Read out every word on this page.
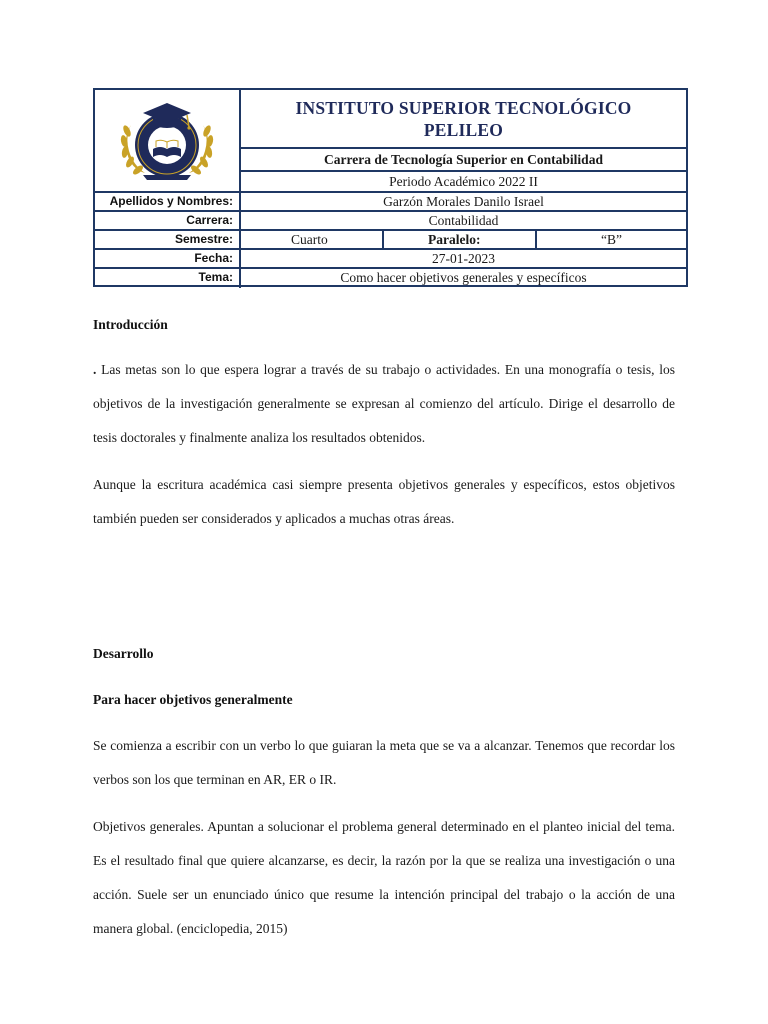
INSTITUTO SUPERIOR TECNOLÓGICO
PELILEO
Carrera de Tecnología Superior en Contabilidad
Periodo Académico 2022 II
Apellidos y Nombres:	Garzón Morales Danilo Israel
Carrera:	Contabilidad
Semestre:	Cuarto	Paralelo:	“B”
Fecha:	27-01-2023
Tema:	Como hacer objetivos generales y específicos
Introducción
. Las metas son lo que espera lograr a través de su trabajo o actividades. En una monografía o tesis, los objetivos de la investigación generalmente se expresan al comienzo del artículo. Dirige el desarrollo de tesis doctorales y finalmente analiza los resultados obtenidos.
Aunque la escritura académica casi siempre presenta objetivos generales y específicos, estos objetivos también pueden ser considerados y aplicados a muchas otras áreas.
Desarrollo
Para hacer objetivos generalmente
Se comienza a escribir con un verbo lo que guiaran la meta que se va a alcanzar. Tenemos que recordar los verbos son los que terminan en AR, ER o IR.
Objetivos generales. Apuntan a solucionar el problema general determinado en el planteo inicial del tema. Es el resultado final que quiere alcanzarse, es decir, la razón por la que se realiza una investigación o una acción. Suele ser un enunciado único que resume la intención principal del trabajo o la acción de una manera global. (enciclopedia, 2015)
